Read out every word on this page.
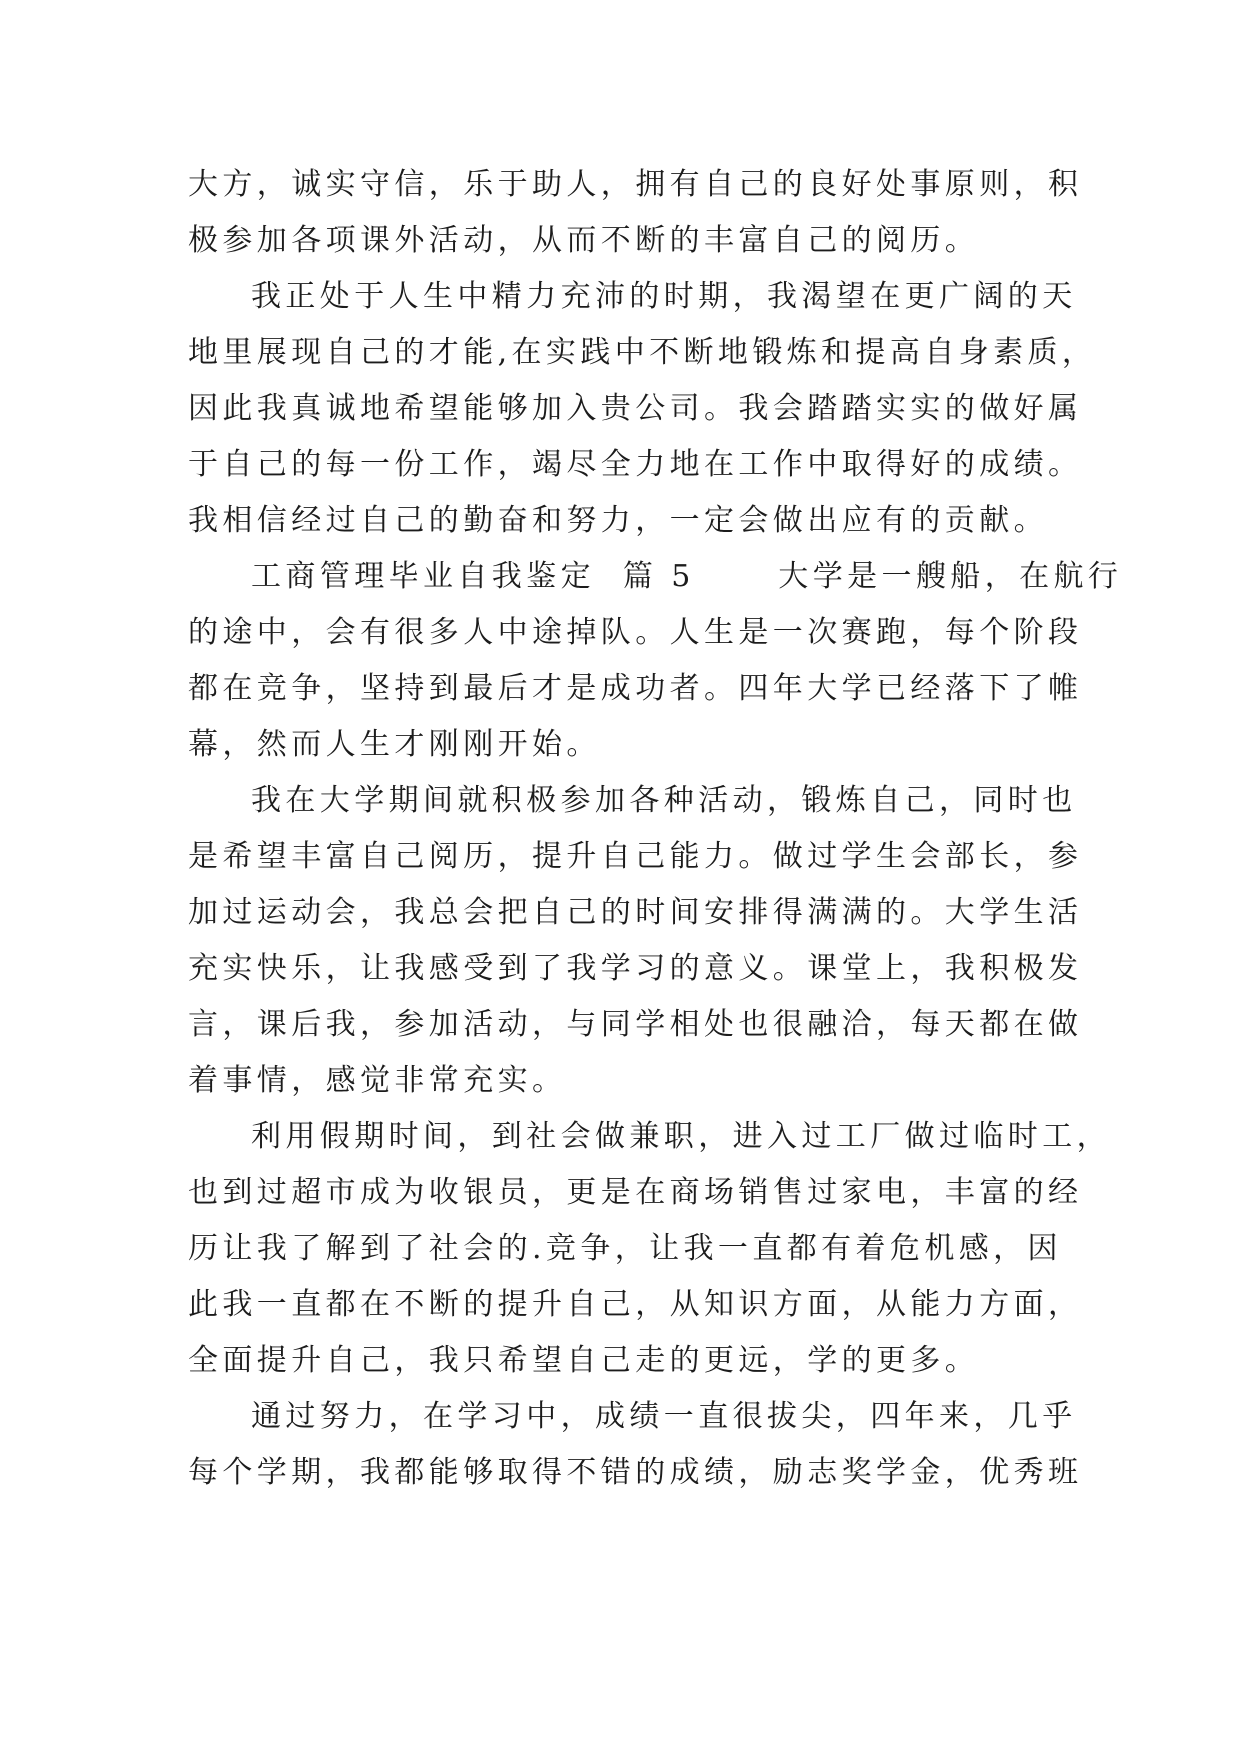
大方，诚实守信，乐于助人，拥有自己的良好处事原则，积
极参加各项课外活动，从而不断的丰富自己的阅历。
我正处于人生中精力充沛的时期，我渴望在更广阔的天
地里展现自己的才能,在实践中不断地锻炼和提高自身素质，
因此我真诚地希望能够加入贵公司。我会踏踏实实的做好属
于自己的每一份工作，竭尽全力地在工作中取得好的成绩。
我相信经过自己的勤奋和努力，一定会做出应有的贡献。
工商管理毕业自我鉴定  篇 5      大学是一艘船，在航行
的途中，会有很多人中途掉队。人生是一次赛跑，每个阶段
都在竞争，坚持到最后才是成功者。四年大学已经落下了帷
幕，然而人生才刚刚开始。
我在大学期间就积极参加各种活动，锻炼自己，同时也
是希望丰富自己阅历，提升自己能力。做过学生会部长，参
加过运动会，我总会把自己的时间安排得满满的。大学生活
充实快乐，让我感受到了我学习的意义。课堂上，我积极发
言，课后我，参加活动，与同学相处也很融洽，每天都在做
着事情，感觉非常充实。
利用假期时间，到社会做兼职，进入过工厂做过临时工，
也到过超市成为收银员，更是在商场销售过家电，丰富的经
历让我了解到了社会的.竞争，让我一直都有着危机感，因
此我一直都在不断的提升自己，从知识方面，从能力方面，
全面提升自己，我只希望自己走的更远，学的更多。
通过努力，在学习中，成绩一直很拔尖，四年来，几乎
每个学期，我都能够取得不错的成绩，励志奖学金，优秀班
